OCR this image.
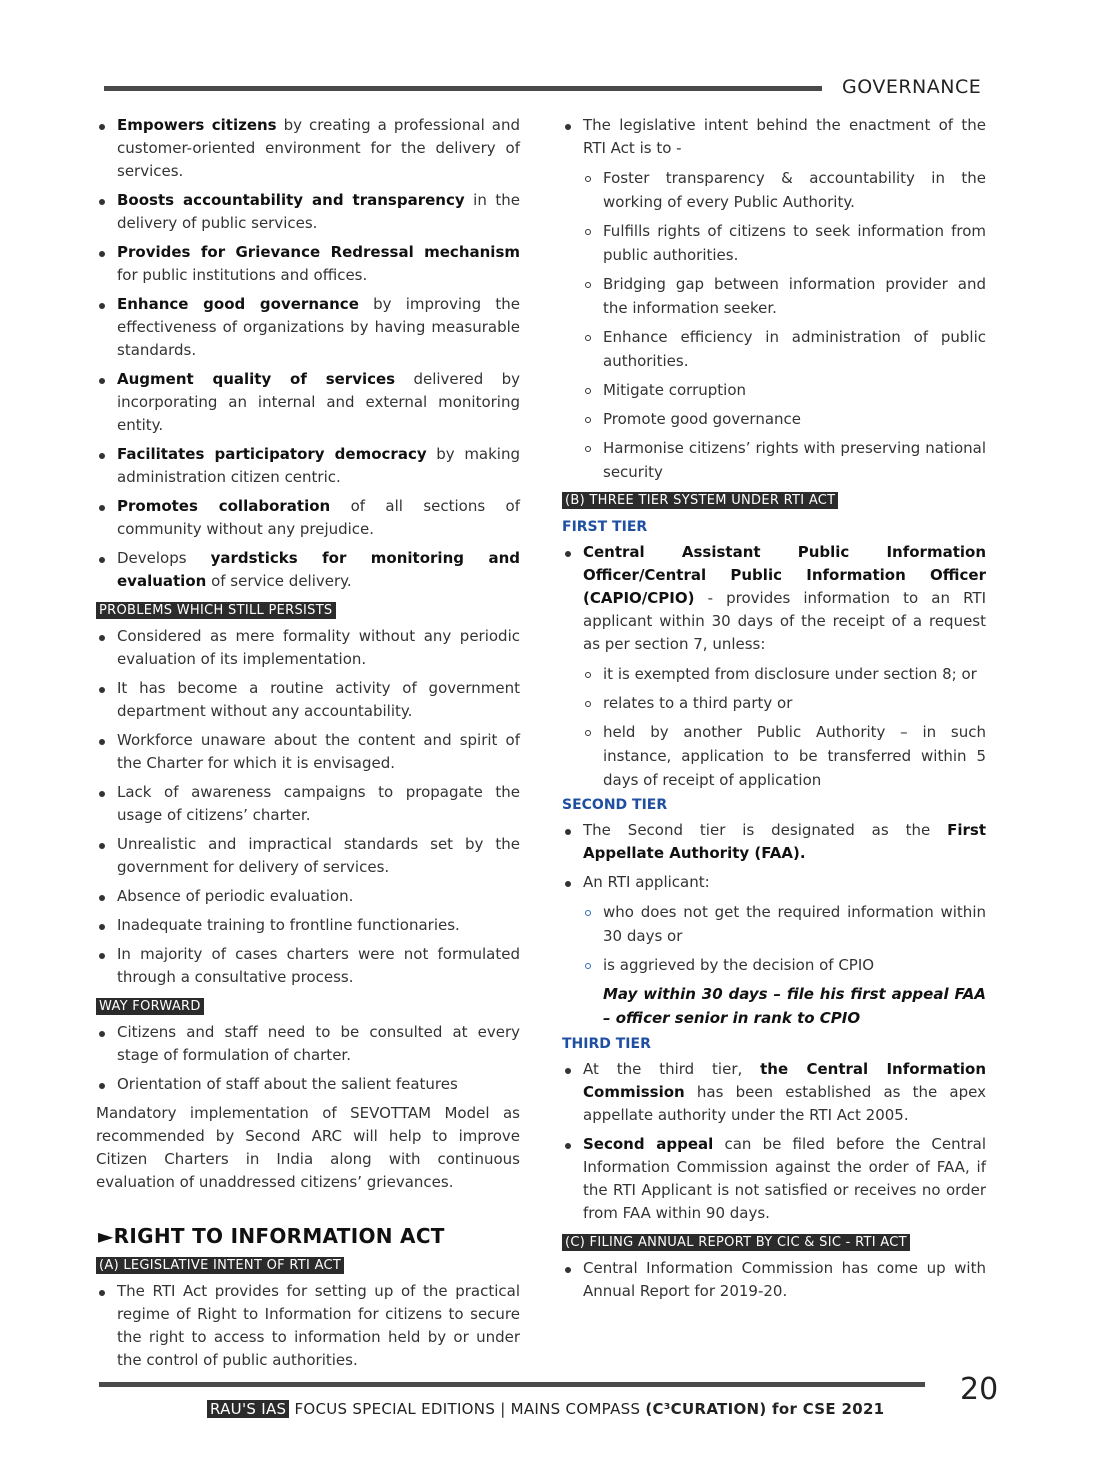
GOVERNANCE
Empowers citizens by creating a professional and customer-oriented environment for the delivery of services.
Boosts accountability and transparency in the delivery of public services.
Provides for Grievance Redressal mechanism for public institutions and offices.
Enhance good governance by improving the effectiveness of organizations by having measurable standards.
Augment quality of services delivered by incorporating an internal and external monitoring entity.
Facilitates participatory democracy by making administration citizen centric.
Promotes collaboration of all sections of community without any prejudice.
Develops yardsticks for monitoring and evaluation of service delivery.
PROBLEMS WHICH STILL PERSISTS
Considered as mere formality without any periodic evaluation of its implementation.
It has become a routine activity of government department without any accountability.
Workforce unaware about the content and spirit of the Charter for which it is envisaged.
Lack of awareness campaigns to propagate the usage of citizens’ charter.
Unrealistic and impractical standards set by the government for delivery of services.
Absence of periodic evaluation.
Inadequate training to frontline functionaries.
In majority of cases charters were not formulated through a consultative process.
WAY FORWARD
Citizens and staff need to be consulted at every stage of formulation of charter.
Orientation of staff about the salient features
Mandatory implementation of SEVOTTAM Model as recommended by Second ARC will help to improve Citizen Charters in India along with continuous evaluation of unaddressed citizens’ grievances.
►RIGHT TO INFORMATION ACT
(A) LEGISLATIVE INTENT OF RTI ACT
The RTI Act provides for setting up of the practical regime of Right to Information for citizens to secure the right to access to information held by or under the control of public authorities.
The legislative intent behind the enactment of the RTI Act is to -
Foster transparency & accountability in the working of every Public Authority.
Fulfills rights of citizens to seek information from public authorities.
Bridging gap between information provider and the information seeker.
Enhance efficiency in administration of public authorities.
Mitigate corruption
Promote good governance
Harmonise citizens’ rights with preserving national security
(B) THREE TIER SYSTEM UNDER RTI ACT
FIRST TIER
Central Assistant Public Information Officer/Central Public Information Officer (CAPIO/CPIO) - provides information to an RTI applicant within 30 days of the receipt of a request as per section 7, unless:
it is exempted from disclosure under section 8; or
relates to a third party or
held by another Public Authority – in such instance, application to be transferred within 5 days of receipt of application
SECOND TIER
The Second tier is designated as the First Appellate Authority (FAA).
An RTI applicant:
who does not get the required information within 30 days or
is aggrieved by the decision of CPIO
May within 30 days – file his first appeal FAA – officer senior in rank to CPIO
THIRD TIER
At the third tier, the Central Information Commission has been established as the apex appellate authority under the RTI Act 2005.
Second appeal can be filed before the Central Information Commission against the order of FAA, if the RTI Applicant is not satisfied or receives no order from FAA within 90 days.
(C) FILING ANNUAL REPORT BY CIC & SIC - RTI ACT
Central Information Commission has come up with Annual Report for 2019-20.
20
RAU'S IAS FOCUS SPECIAL EDITIONS | MAINS COMPASS (C³CURATION) for CSE 2021
